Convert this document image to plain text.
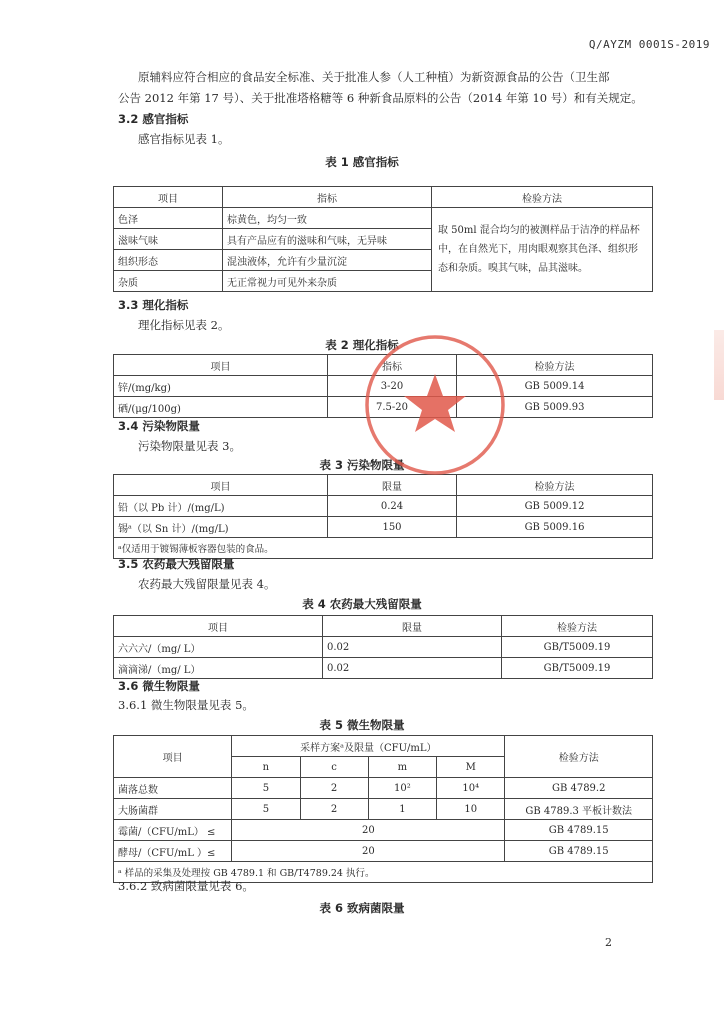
Q/AYZM 0001S-2019
原辅料应符合相应的食品安全标准、关于批准人参（人工种植）为新资源食品的公告（卫生部
公告 2012 年第 17 号）、关于批准塔格糖等 6 种新食品原料的公告（2014 年第 10 号）和有关规定。
3.2 感官指标
感官指标见表 1。
表 1 感官指标
项目	指标	检验方法
色泽	棕黄色，均匀一致	取 50ml 混合均匀的被测样品于洁净的样品杯中，在自然光下，用肉眼观察其色泽、组织形态和杂质。嗅其气味，品其滋味。
滋味气味	具有产品应有的滋味和气味，无异味	
组织形态	混浊液体，允许有少量沉淀	
杂质	无正常视力可见外来杂质	
3.3 理化指标
理化指标见表 2。
表 2 理化指标
项目	指标	检验方法
锌/(mg/kg)	3-20	GB 5009.14
硒/(μg/100g)	7.5-20	GB 5009.93
3.4 污染物限量
污染物限量见表 3。
表 3 污染物限量
项目	限量	检验方法
铅（以 Pb 计）/(mg/L)	0.24	GB 5009.12
锡ᵃ（以 Sn 计）/(mg/L)	150	GB 5009.16
ᵃ仅适用于镀锡薄板容器包装的食品。		
3.5 农药最大残留限量
农药最大残留限量见表 4。
表 4 农药最大残留限量
项目	限量	检验方法
六六六/（mg/ L）	0.02	GB/T5009.19
滴滴涕/（mg/ L）	0.02	GB/T5009.19
3.6 微生物限量
3.6.1 微生物限量见表 5。
表 5 微生物限量
项目	采样方案ᵃ及限量（CFU/mL）				检验方法
	n	c	m	M	
菌落总数	5	2	10²	10⁴	GB 4789.2
大肠菌群	5	2	1	10	GB 4789.3 平板计数法
霉菌/（CFU/mL） ≤	20				GB 4789.15
酵母/（CFU/mL ）≤	20				GB 4789.15
ᵃ 样品的采集及处理按 GB 4789.1 和 GB/T4789.24 执行。					
3.6.2 致病菌限量见表 6。
表 6 致病菌限量
2
